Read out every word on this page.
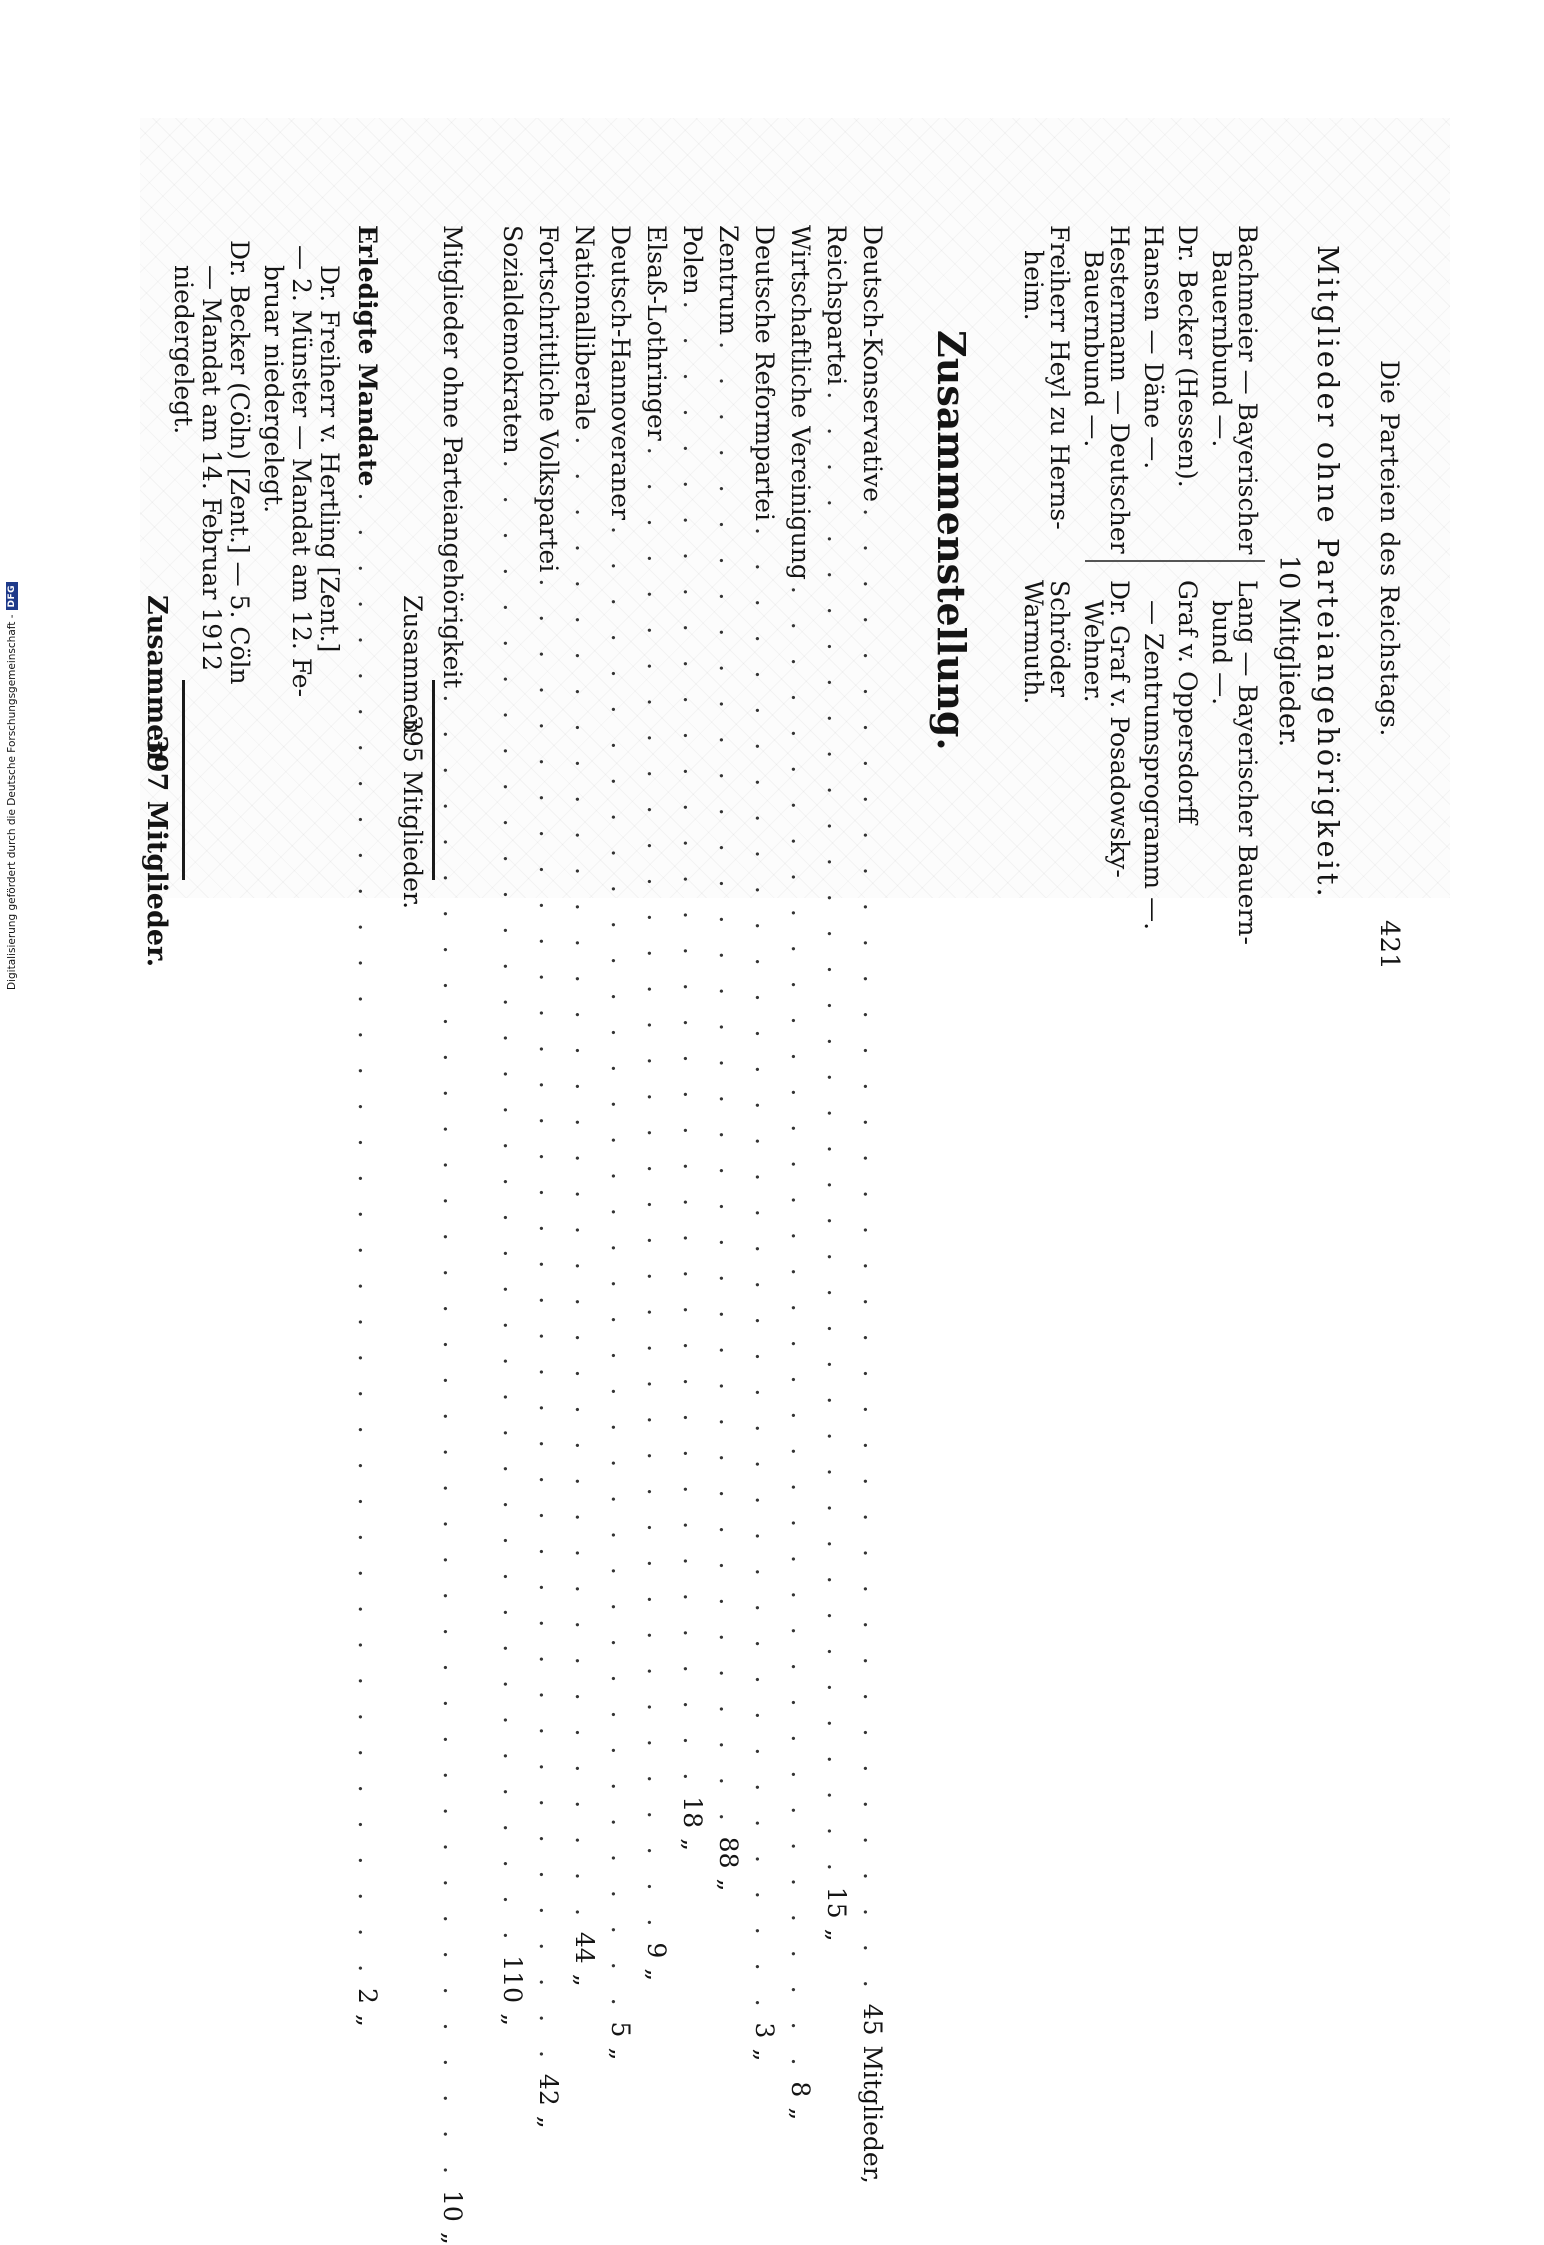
Die Parteien des Reichstags.
421
Mitglieder ohne Parteiangehörigkeit.
10 Mitglieder.
Bachmeier — Bayerischer
Bauernbund —.
Dr. Becker (Hessen).
Hansen — Däne —.
Hestermann — Deutscher
Bauernbund —.
Freiherr Heyl zu Herns-
heim.
Lang — Bayerischer Bauern-
bund —.
Graf v. Oppersdorff
— Zentrumsprogramm —.
Dr. Graf v. Posadowsky-
Wehner.
Schröder
Warmuth.
Zusammenstellung.
Deutsch-Konservative
. . . . . . . . . . . . . . . . . . . . . . . . . . . . . . . . . . . . . . . . . .
45
Mitglieder,
Reichspartei
. . . . . . . . . . . . . . . . . . . . . . . . . . . . . . . . . . . . . . . . . .
15
„
Wirtschaftliche Vereinigung
. . . . . . . . . . . . . . . . . . . . . . . . . . . . . . . . . . . . . . . . . .
8
„
Deutsche Reformpartei
. . . . . . . . . . . . . . . . . . . . . . . . . . . . . . . . . . . . . . . . . .
3
„
Zentrum
. . . . . . . . . . . . . . . . . . . . . . . . . . . . . . . . . . . . . . . . . .
88
„
Polen
. . . . . . . . . . . . . . . . . . . . . . . . . . . . . . . . . . . . . . . . . .
18
„
Elsaß-Lothringer
. . . . . . . . . . . . . . . . . . . . . . . . . . . . . . . . . . . . . . . . . .
9
„
Deutsch-Hannoveraner
. . . . . . . . . . . . . . . . . . . . . . . . . . . . . . . . . . . . . . . . . .
5
„
Nationalliberale
. . . . . . . . . . . . . . . . . . . . . . . . . . . . . . . . . . . . . . . . . .
44
„
Fortschrittliche Volkspartei
. . . . . . . . . . . . . . . . . . . . . . . . . . . . . . . . . . . . . . . . . .
42
„
Sozialdemokraten
. . . . . . . . . . . . . . . . . . . . . . . . . . . . . . . . . . . . . . . . . .
110
„
Mitglieder ohne Parteiangehörigkeit
. . . . . . . . . . . . . . . . . . . . . . . . . . . . . . . . . . . . . . . . . .
10
„
Zusammen
395 Mitglieder.
Erledigte Mandate
. . . . . . . . . . . . . . . . . . . . . . . . . . . . . . . . . . . . . . . . . .
2
„
Dr. Freiherr v. Hertling [Zent.]
— 2. Münster — Mandat am 12. Fe-
bruar niedergelegt.
Dr. Becker (Cöln) [Zent.] — 5. Cöln
— Mandat am 14. Februar 1912
niedergelegt.
Zusammen
397 Mitglieder.
Digitalisierung gefördert durch die Deutsche Forschungsgemeinschaft -
DFG
